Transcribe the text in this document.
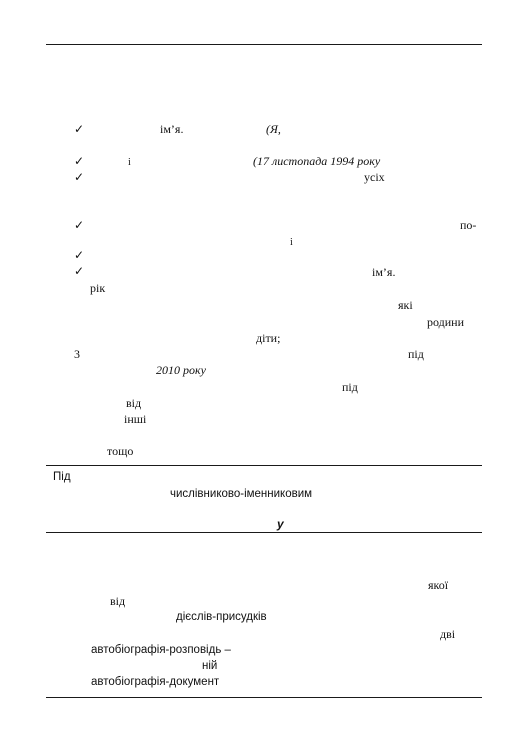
✓	ім’я.	(Я,
✓	і	(17 листопада 1994 року
✓	усіх
✓	по-
і
✓
✓	ім’я.
рік
які
родини
діти;
3	під
2010 року
під
від
інші
тощо
Під
числівниково-іменниковим
у
якої
від
дієслів-присудків
дві
автобіографія-розповідь –
ній
автобіографія-документ
